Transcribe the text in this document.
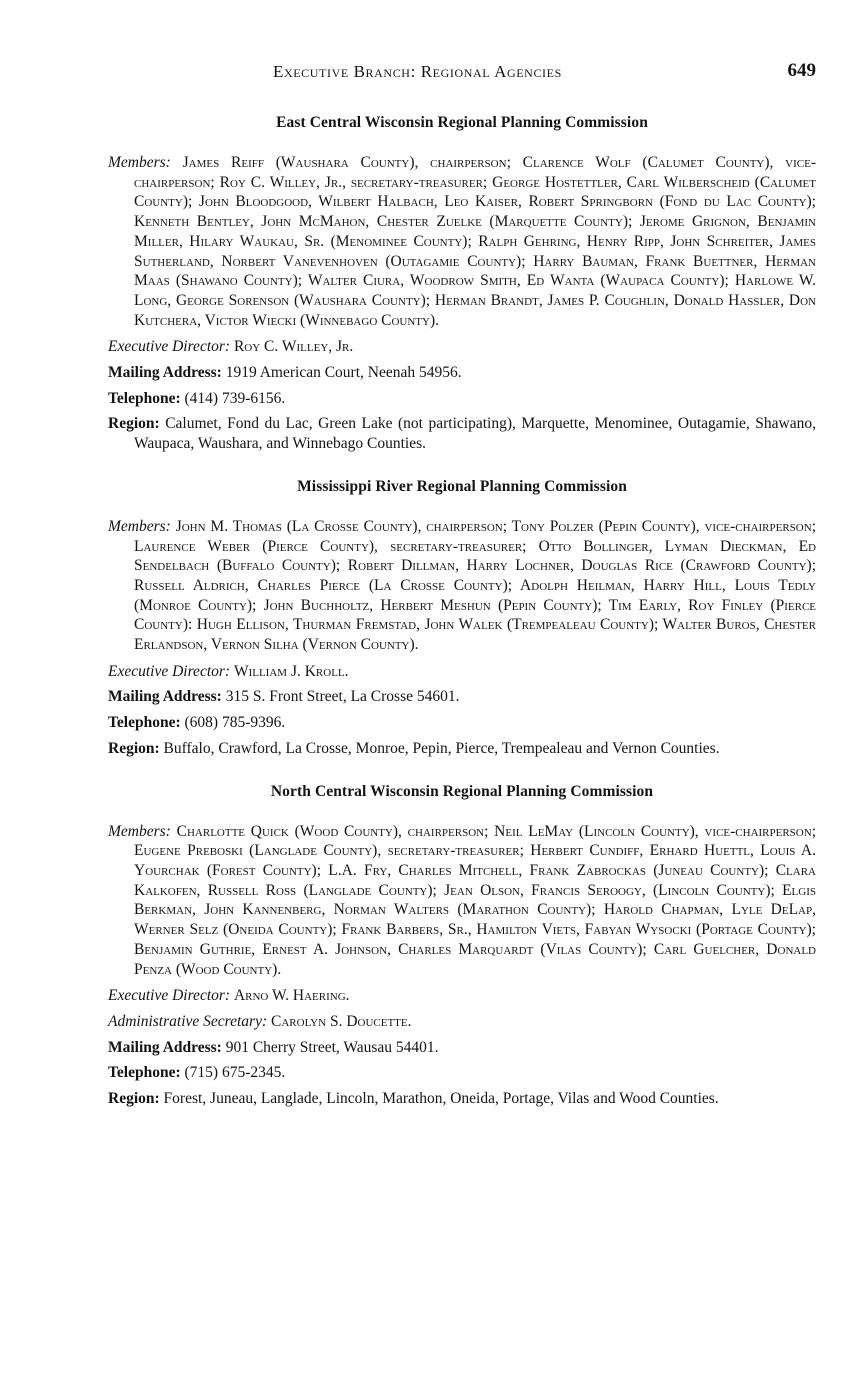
Executive Branch: Regional Agencies	649
East Central Wisconsin Regional Planning Commission

Members: James Reiff (Waushara County), chairperson; Clarence Wolf (Calumet County), vice-chairperson; Roy C. Willey, Jr., secretary-treasurer; George Hostettler, Carl Wilberscheid (Calumet County); John Bloodgood, Wilbert Halbach, Leo Kaiser, Robert Springborn (Fond du Lac County); Kenneth Bentley, John McMahon, Chester Zuelke (Marquette County); Jerome Grignon, Benjamin Miller, Hilary Waukau, Sr. (Menominee County); Ralph Gehring, Henry Ripp, John Schreiter, James Sutherland, Norbert Vanevenhoven (Outagamie County); Harry Bauman, Frank Buettner, Herman Maas (Shawano County); Walter Ciura, Woodrow Smith, Ed Wanta (Waupaca County); Harlowe W. Long, George Sorenson (Waushara County); Herman Brandt, James P. Coughlin, Donald Hassler, Don Kutchera, Victor Wiecki (Winnebago County).

Executive Director: Roy C. Willey, Jr.

Mailing Address: 1919 American Court, Neenah 54956.

Telephone: (414) 739-6156.

Region: Calumet, Fond du Lac, Green Lake (not participating), Marquette, Menominee, Outagamie, Shawano, Waupaca, Waushara, and Winnebago Counties.

Mississippi River Regional Planning Commission

Members: John M. Thomas (La Crosse County), chairperson; Tony Polzer (Pepin County), vice-chairperson; Laurence Weber (Pierce County), secretary-treasurer; Otto Bollinger, Lyman Dieckman, Ed Sendelbach (Buffalo County); Robert Dillman, Harry Lochner, Douglas Rice (Crawford County); Russell Aldrich, Charles Pierce (La Crosse County); Adolph Heilman, Harry Hill, Louis Tedly (Monroe County); John Buchholtz, Herbert Meshun (Pepin County); Tim Early, Roy Finley (Pierce County): Hugh Ellison, Thurman Fremstad, John Walek (Trempealeau County); Walter Buros, Chester Erlandson, Vernon Silha (Vernon County).

Executive Director: William J. Kroll.

Mailing Address: 315 S. Front Street, La Crosse 54601.

Telephone: (608) 785-9396.

Region: Buffalo, Crawford, La Crosse, Monroe, Pepin, Pierce, Trempealeau and Vernon Counties.

North Central Wisconsin Regional Planning Commission

Members: Charlotte Quick (Wood County), chairperson; Neil LeMay (Lincoln County), vice-chairperson; Eugene Preboski (Langlade County), secretary-treasurer; Herbert Cundiff, Erhard Huettl, Louis A. Yourchak (Forest County); L.A. Fry, Charles Mitchell, Frank Zabrockas (Juneau County); Clara Kalkofen, Russell Ross (Langlade County); Jean Olson, Francis Seroogy, (Lincoln County); Elgis Berkman, John Kannenberg, Norman Walters (Marathon County); Harold Chapman, Lyle DeLap, Werner Selz (Oneida County); Frank Barbers, Sr., Hamilton Viets, Fabyan Wysocki (Portage County); Benjamin Guthrie, Ernest A. Johnson, Charles Marquardt (Vilas County); Carl Guelcher, Donald Penza (Wood County).

Executive Director: Arno W. Haering.

Administrative Secretary: Carolyn S. Doucette.

Mailing Address: 901 Cherry Street, Wausau 54401.

Telephone: (715) 675-2345.

Region: Forest, Juneau, Langlade, Lincoln, Marathon, Oneida, Portage, Vilas and Wood Counties.
